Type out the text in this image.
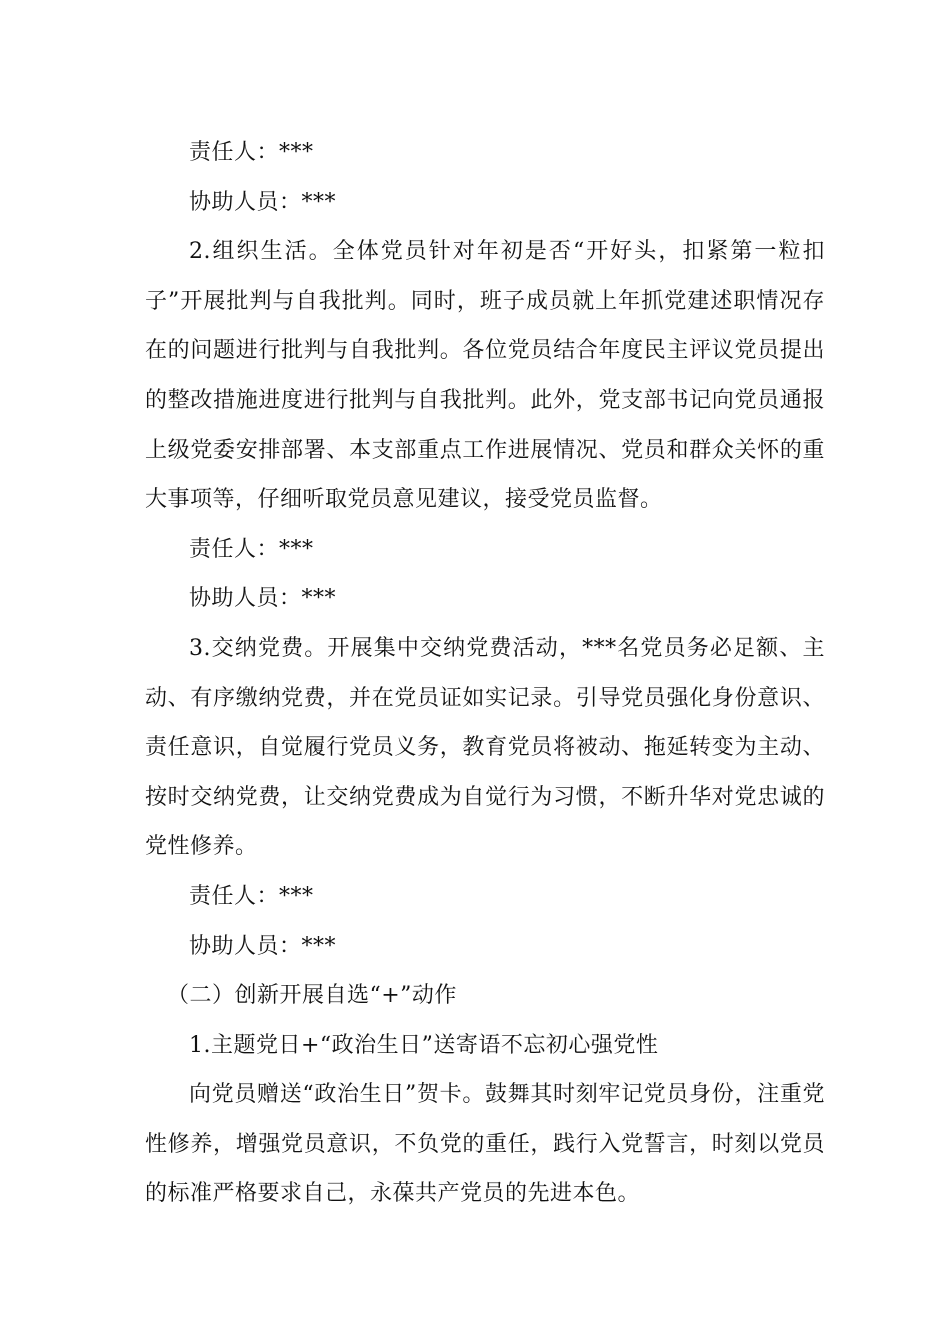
责任人：***

协助人员：***

2.组织生活。全体党员针对年初是否“开好头，扣紧第一粒扣子”开展批判与自我批判。同时，班子成员就上年抓党建述职情况存在的问题进行批判与自我批判。各位党员结合年度民主评议党员提出的整改措施进度进行批判与自我批判。此外，党支部书记向党员通报上级党委安排部署、本支部重点工作进展情况、党员和群众关怀的重大事项等，仔细听取党员意见建议，接受党员监督。

责任人：***

协助人员：***

3.交纳党费。开展集中交纳党费活动，***名党员务必足额、主动、有序缴纳党费，并在党员证如实记录。引导党员强化身份意识、责任意识，自觉履行党员义务，教育党员将被动、拖延转变为主动、按时交纳党费，让交纳党费成为自觉行为习惯，不断升华对党忠诚的党性修养。

责任人：***

协助人员：***

（二）创新开展自选“+”动作

1.主题党日+“政治生日”送寄语不忘初心强党性

向党员赠送“政治生日”贺卡。鼓舞其时刻牢记党员身份，注重党性修养，增强党员意识，不负党的重任，践行入党誓言，时刻以党员的标准严格要求自己，永葆共产党员的先进本色。
